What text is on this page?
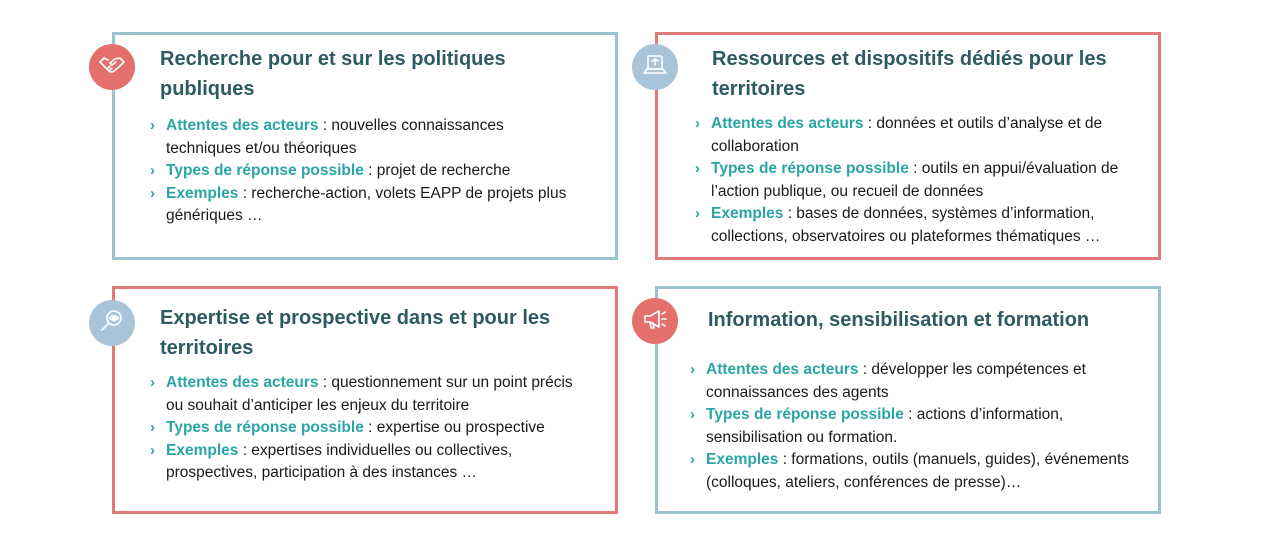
Recherche pour et sur les politiques
publiques
› Attentes des acteurs : nouvelles connaissances techniques et/ou théoriques
› Types de réponse possible : projet de recherche
› Exemples : recherche-action, volets EAPP de projets plus génériques …
Ressources et dispositifs dédiés pour les
territoires
› Attentes des acteurs : données et outils d’analyse et de collaboration
› Types de réponse possible : outils en appui/évaluation de l’action publique, ou recueil de données
› Exemples : bases de données, systèmes d’information, collections, observatoires ou plateformes thématiques …
Expertise et prospective dans et pour les
territoires
› Attentes des acteurs : questionnement sur un point précis ou souhait d’anticiper les enjeux du territoire
› Types de réponse possible : expertise ou prospective
› Exemples : expertises individuelles ou collectives, prospectives, participation à des instances …
Information, sensibilisation et formation
› Attentes des acteurs : développer les compétences et connaissances des agents
› Types de réponse possible : actions d’information, sensibilisation ou formation.
› Exemples : formations, outils (manuels, guides), événements (colloques, ateliers, conférences de presse)…
